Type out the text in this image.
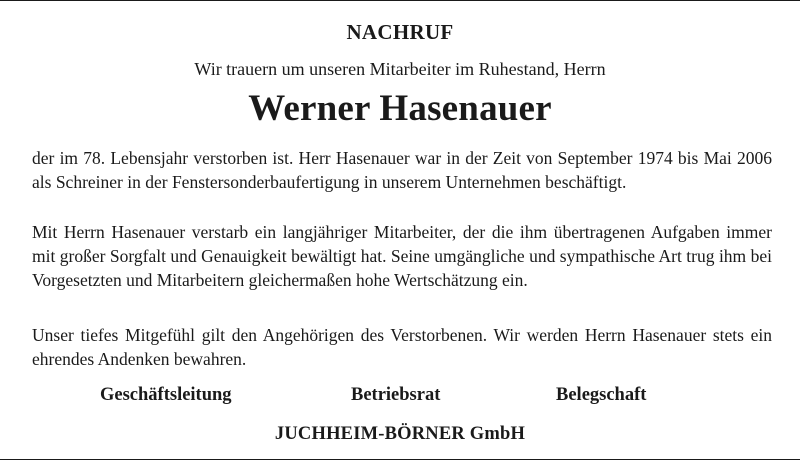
NACHRUF
Wir trauern um unseren Mitarbeiter im Ruhestand, Herrn
Werner Hasenauer
der im 78. Lebensjahr verstorben ist. Herr Hasenauer war in der Zeit von September 1974 bis Mai 2006 als Schreiner in der Fenstersonderbaufertigung in unserem Unternehmen beschäftigt.
Mit Herrn Hasenauer verstarb ein langjähriger Mitarbeiter, der die ihm übertragenen Aufgaben immer mit großer Sorgfalt und Genauigkeit bewältigt hat. Seine umgängliche und sympathische Art trug ihm bei Vorgesetzten und Mitarbeitern gleichermaßen hohe Wertschätzung ein.
Unser tiefes Mitgefühl gilt den Angehörigen des Verstorbenen. Wir werden Herrn Hasenauer stets ein ehrendes Andenken bewahren.
Geschäftsleitung	Betriebsrat	Belegschaft
JUCHHEIM-BÖRNER GmbH
